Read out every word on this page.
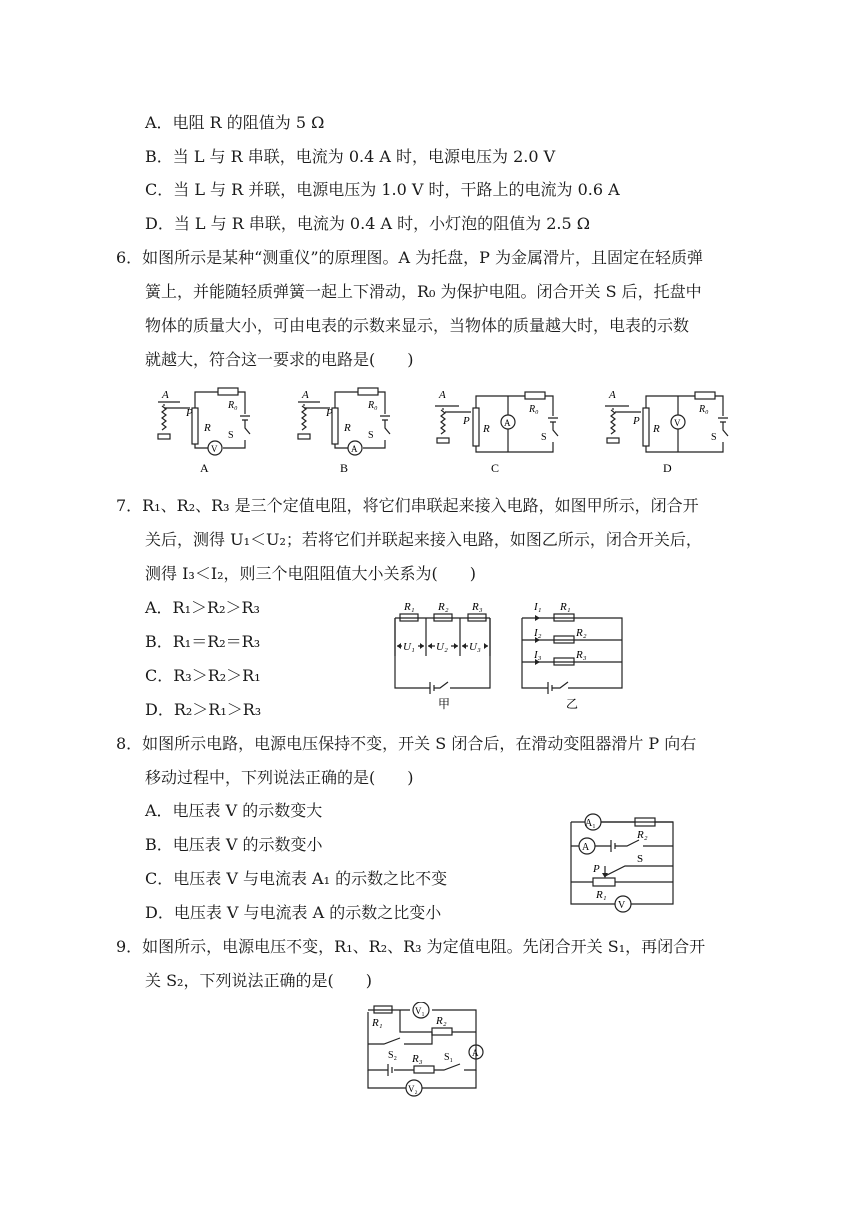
A．电阻 R 的阻值为 5 Ω
B．当 L 与 R 串联，电流为 0.4 A 时，电源电压为 2.0 V
C．当 L 与 R 并联，电源电压为 1.0 V 时，干路上的电流为 0.6 A
D．当 L 与 R 串联，电流为 0.4 A 时，小灯泡的阻值为 2.5 Ω
6．如图所示是某种“测重仪”的原理图。A 为托盘，P 为金属滑片，且固定在轻质弹
簧上，并能随轻质弹簧一起上下滑动，R₀ 为保护电阻。闭合开关 S 后，托盘中
物体的质量大小，可由电表的示数来显示，当物体的质量越大时，电表的示数
就越大，符合这一要求的电路是(　　)
A
P
R
R₀
S
V
A
A
P
R
R₀
S
A
B
A
P
R
R₀
S
A
C
A
P
R
R₀
S
V
D
7．R₁、R₂、R₃ 是三个定值电阻，将它们串联起来接入电路，如图甲所示，闭合开
关后，测得 U₁＜U₂；若将它们并联起来接入电路，如图乙所示，闭合开关后，
测得 I₃＜I₂，则三个电阻阻值大小关系为(　　)
A．R₁＞R₂＞R₃
B．R₁＝R₂＝R₃
C．R₃＞R₂＞R₁
D．R₂＞R₁＞R₃
R₁ R₂ R₃
U₁ U₂ U₃
甲
R₁
R₂
R₃
I₁
I₂
I₃
乙
8．如图所示电路，电源电压保持不变，开关 S 闭合后，在滑动变阻器滑片 P 向右
移动过程中，下列说法正确的是(　　)
A．电压表 V 的示数变大
B．电压表 V 的示数变小
C．电压表 V 与电流表 A₁ 的示数之比不变
D．电压表 V 与电流表 A 的示数之比变小
A₁
R₂
A
S
P
R₁
V
9．如图所示，电源电压不变，R₁、R₂、R₃ 为定值电阻。先闭合开关 S₁，再闭合开
关 S₂，下列说法正确的是(　　)
V₁
R₁	R₂
S₂ R₃ S₁ A
V₂
